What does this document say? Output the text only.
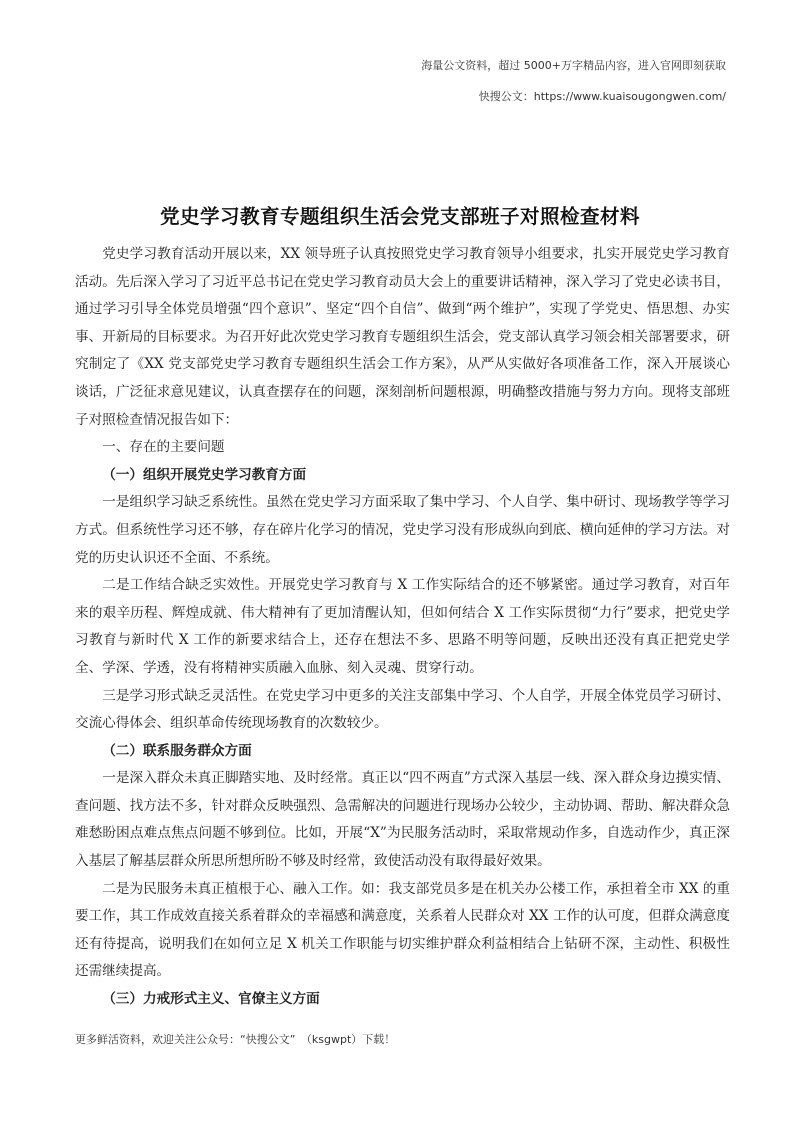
海量公文资料，超过 5000+万字精品内容，进入官网即刻获取
快搜公文：https://www.kuaisougongwen.com/
党史学习教育专题组织生活会党支部班子对照检查材料

党史学习教育活动开展以来，XX 领导班子认真按照党史学习教育领导小组要求，扎实开展党史学习教育活动。先后深入学习了习近平总书记在党史学习教育动员大会上的重要讲话精神，深入学习了党史必读书目，通过学习引导全体党员增强“四个意识”、坚定“四个自信”、做到“两个维护”，实现了学党史、悟思想、办实事、开新局的目标要求。为召开好此次党史学习教育专题组织生活会，党支部认真学习领会相关部署要求，研究制定了《XX 党支部党史学习教育专题组织生活会工作方案》，从严从实做好各项准备工作，深入开展谈心谈话，广泛征求意见建议，认真查摆存在的问题，深刻剖析问题根源，明确整改措施与努力方向。现将支部班子对照检查情况报告如下：

一、存在的主要问题

（一）组织开展党史学习教育方面

一是组织学习缺乏系统性。虽然在党史学习方面采取了集中学习、个人自学、集中研讨、现场教学等学习方式。但系统性学习还不够，存在碎片化学习的情况，党史学习没有形成纵向到底、横向延伸的学习方法。对党的历史认识还不全面、不系统。

二是工作结合缺乏实效性。开展党史学习教育与 X 工作实际结合的还不够紧密。通过学习教育，对百年来的艰辛历程、辉煌成就、伟大精神有了更加清醒认知，但如何结合 X 工作实际贯彻“力行”要求，把党史学习教育与新时代 X 工作的新要求结合上，还存在想法不多、思路不明等问题，反映出还没有真正把党史学全、学深、学透，没有将精神实质融入血脉、刻入灵魂、贯穿行动。

三是学习形式缺乏灵活性。在党史学习中更多的关注支部集中学习、个人自学，开展全体党员学习研讨、交流心得体会、组织革命传统现场教育的次数较少。

（二）联系服务群众方面

一是深入群众未真正脚踏实地、及时经常。真正以“四不两直”方式深入基层一线、深入群众身边摸实情、查问题、找方法不多，针对群众反映强烈、急需解决的问题进行现场办公较少，主动协调、帮助、解决群众急难愁盼困点难点焦点问题不够到位。比如，开展“X”为民服务活动时，采取常规动作多，自选动作少，真正深入基层了解基层群众所思所想所盼不够及时经常，致使活动没有取得最好效果。

二是为民服务未真正植根于心、融入工作。如：我支部党员多是在机关办公楼工作，承担着全市 XX 的重要工作，其工作成效直接关系着群众的幸福感和满意度，关系着人民群众对 XX 工作的认可度，但群众满意度还有待提高，说明我们在如何立足 X 机关工作职能与切实维护群众利益相结合上钻研不深，主动性、积极性还需继续提高。

（三）力戒形式主义、官僚主义方面

更多鲜活资料，欢迎关注公众号：“快搜公文”　（ksgwpt）下载！
